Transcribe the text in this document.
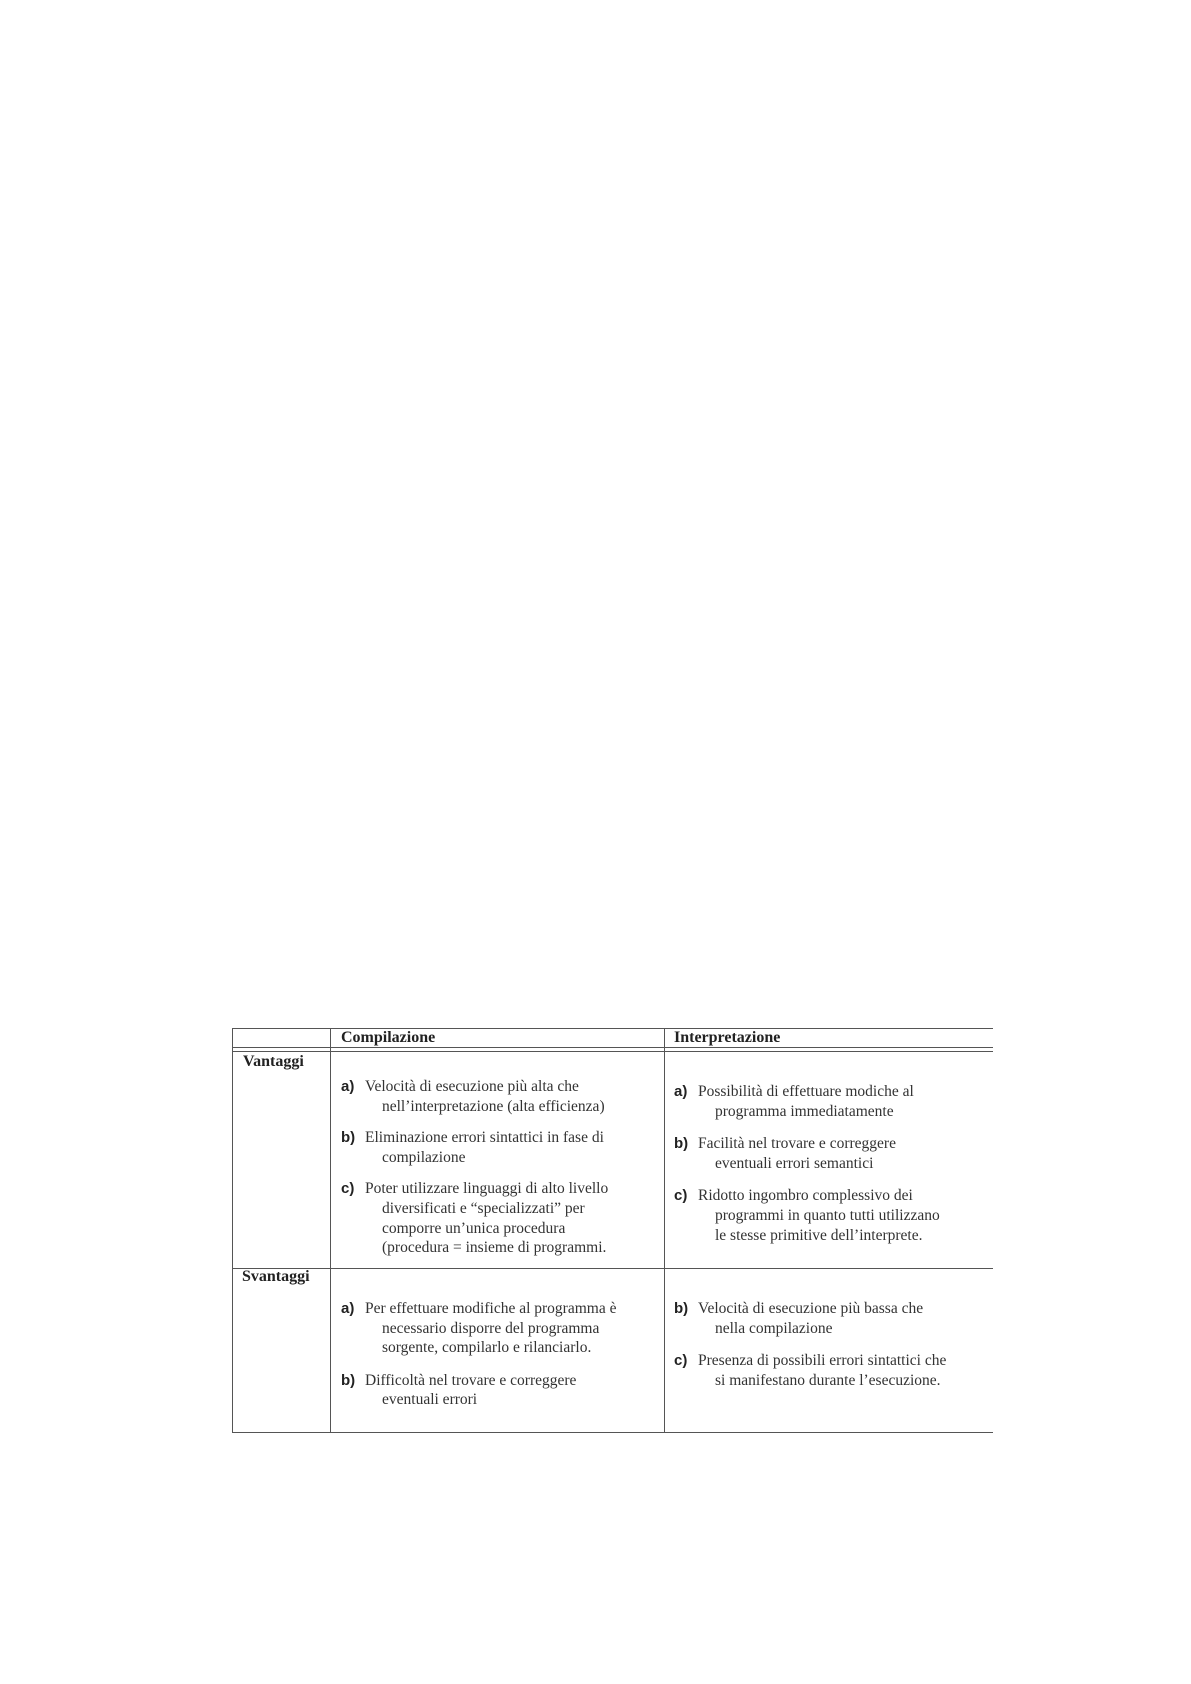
Compilazione	Interpretazione
Vantaggi
Svantaggi
a) Velocità di esecuzione più alta che
nell’interpretazione (alta efficienza)
b) Eliminazione errori sintattici in fase di
compilazione
c) Poter utilizzare linguaggi di alto livello
diversificati e “specializzati” per
comporre un’unica procedura
(procedura = insieme di programmi.
a) Possibilità di effettuare modiche al
programma immediatamente
b) Facilità nel trovare e correggere
eventuali errori semantici
c) Ridotto ingombro complessivo dei
programmi in quanto tutti utilizzano
le stesse primitive dell’interprete.
a) Per effettuare modifiche al programma è
necessario disporre del programma
sorgente, compilarlo e rilanciarlo.
b) Difficoltà nel trovare e correggere
eventuali errori
b) Velocità di esecuzione più bassa che
nella compilazione
c) Presenza di possibili errori sintattici che
si manifestano durante l’esecuzione.
